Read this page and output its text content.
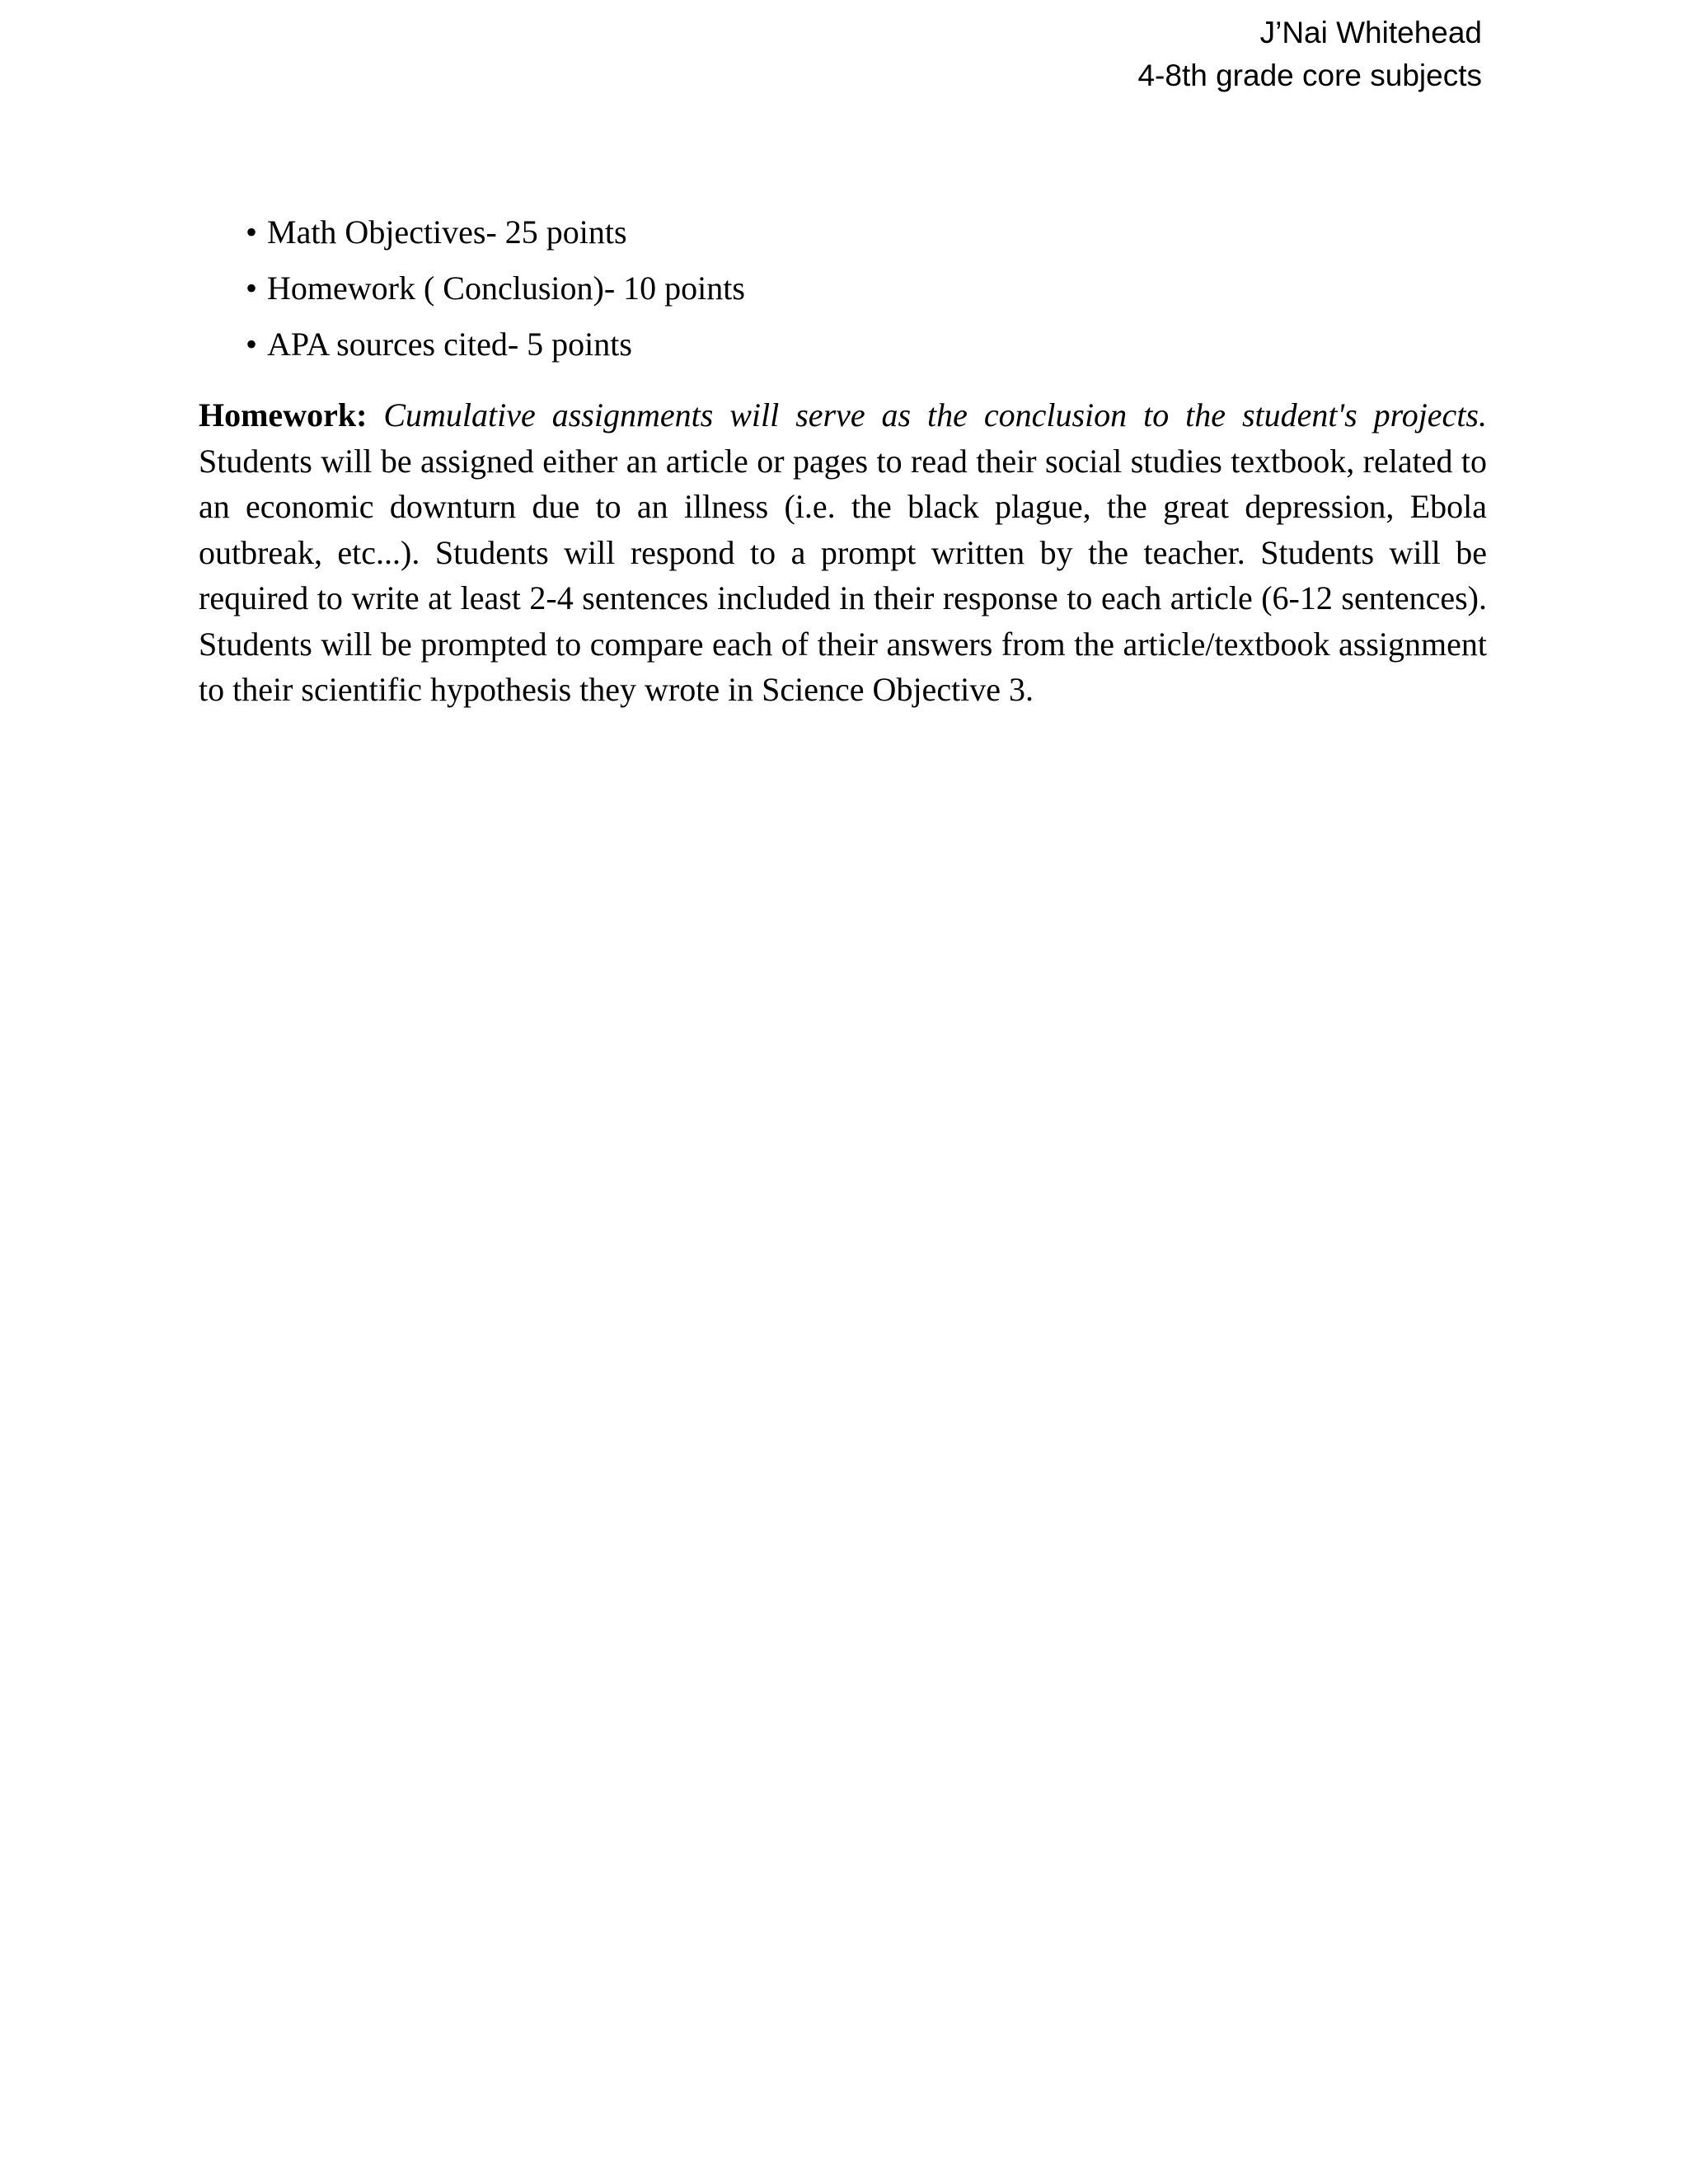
J’Nai Whitehead
4-8th grade core subjects
• Math Objectives- 25 points
• Homework ( Conclusion)- 10 points
• APA sources cited- 5 points

Homework: Cumulative assignments will serve as the conclusion to the student's projects. Students will be assigned either an article or pages to read their social studies textbook, related to an economic downturn due to an illness (i.e. the black plague, the great depression, Ebola outbreak, etc...). Students will respond to a prompt written by the teacher. Students will be required to write at least 2-4 sentences included in their response to each article (6-12 sentences). Students will be prompted to compare each of their answers from the article/textbook assignment to their scientific hypothesis they wrote in Science Objective 3.
